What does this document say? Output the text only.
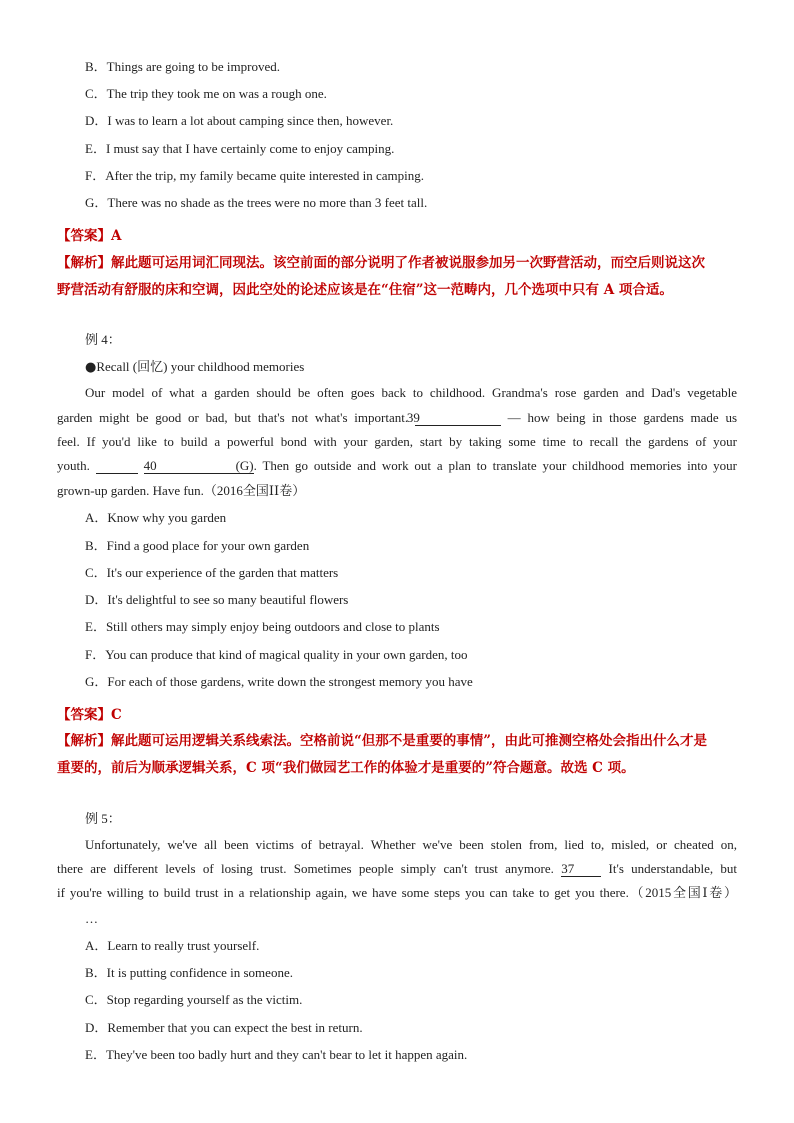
B．Things are going to be improved.
C．The trip they took me on was a rough one.
D．I was to learn a lot about camping since then, however.
E．I must say that I have certainly come to enjoy camping.
F．After the trip, my family became quite interested in camping.
G．There was no shade as the trees were no more than 3 feet tall.
【答案】A
【解析】解此题可运用词汇同现法。该空前面的部分说明了作者被说服参加另一次野营活动，而空后则说这次
野营活动有舒服的床和空调，因此空处的论述应该是在“住宿”这一范畴内，几个选项中只有 A 项合适。
例 4：
●Recall (回忆) your childhood memories
Our model of what a garden should be often goes back to childhood. Grandma's rose garden and Dad's vegetable
garden might be good or bad, but that's not what's important. 39	— how being in those gardens made us
feel. If you'd like to build a powerful bond with your garden, start by taking some time to recall the gardens of your
youth.	40	(G). Then go outside and work out a plan to translate your childhood memories into your
grown-up garden. Have fun.（2016全国ⅠⅠ卷）
A．Know why you garden
B．Find a good place for your own garden
C．It's our experience of the garden that matters
D．It's delightful to see so many beautiful flowers
E．Still others may simply enjoy being outdoors and close to plants
F．You can produce that kind of magical quality in your own garden, too
G．For each of those gardens, write down the strongest memory you have
【答案】C
【解析】解此题可运用逻辑关系线索法。空格前说“但那不是重要的事情”，由此可推测空格处会指出什么才是
重要的，前后为顺承逻辑关系，C 项“我们做园艺工作的体验才是重要的”符合题意。故选 C 项。
例 5：
Unfortunately, we've all been victims of betrayal. Whether we've been stolen from, lied to, misled, or cheated on,
there are different levels of losing trust. Sometimes people simply can't trust anymore. 37	It's understandable, but
if you're willing to build trust in a relationship again, we have some steps you can take to get you there.（2015全国Ⅰ卷）
…
A．Learn to really trust yourself.
B．It is putting confidence in someone.
C．Stop regarding yourself as the victim.
D．Remember that you can expect the best in return.
E．They've been too badly hurt and they can't bear to let it happen again.
